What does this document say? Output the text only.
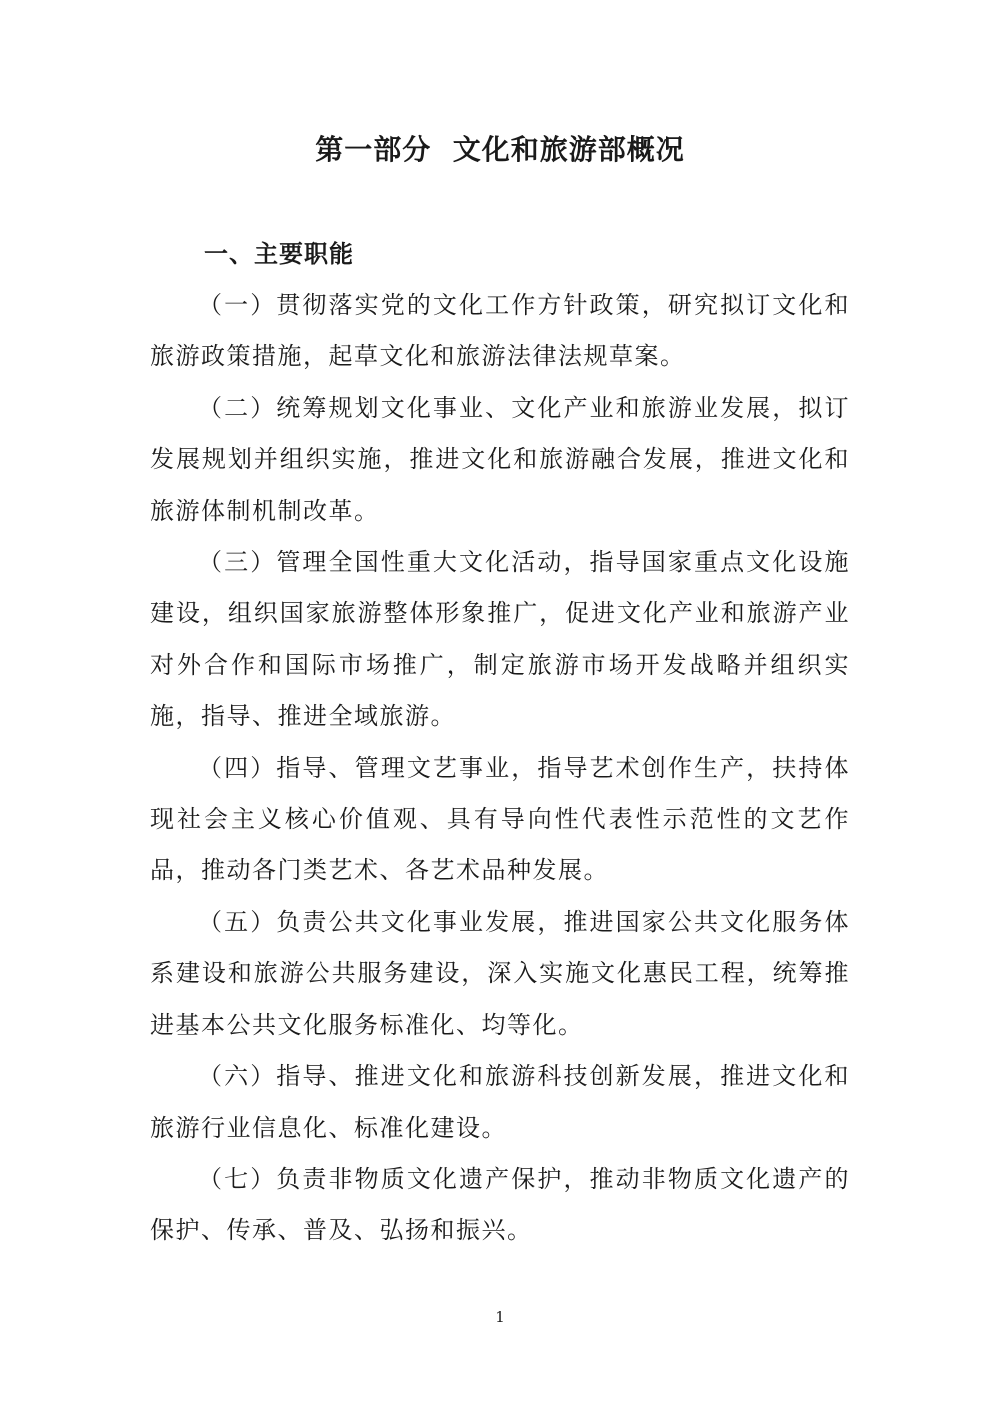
第一部分  文化和旅游部概况
一、主要职能

（一）贯彻落实党的文化工作方针政策，研究拟订文化和旅游政策措施，起草文化和旅游法律法规草案。

（二）统筹规划文化事业、文化产业和旅游业发展，拟订发展规划并组织实施，推进文化和旅游融合发展，推进文化和旅游体制机制改革。

（三）管理全国性重大文化活动，指导国家重点文化设施建设，组织国家旅游整体形象推广，促进文化产业和旅游产业对外合作和国际市场推广，制定旅游市场开发战略并组织实施，指导、推进全域旅游。

（四）指导、管理文艺事业，指导艺术创作生产，扶持体现社会主义核心价值观、具有导向性代表性示范性的文艺作品，推动各门类艺术、各艺术品种发展。

（五）负责公共文化事业发展，推进国家公共文化服务体系建设和旅游公共服务建设，深入实施文化惠民工程，统筹推进基本公共文化服务标准化、均等化。

（六）指导、推进文化和旅游科技创新发展，推进文化和旅游行业信息化、标准化建设。

（七）负责非物质文化遗产保护，推动非物质文化遗产的保护、传承、普及、弘扬和振兴。

1
